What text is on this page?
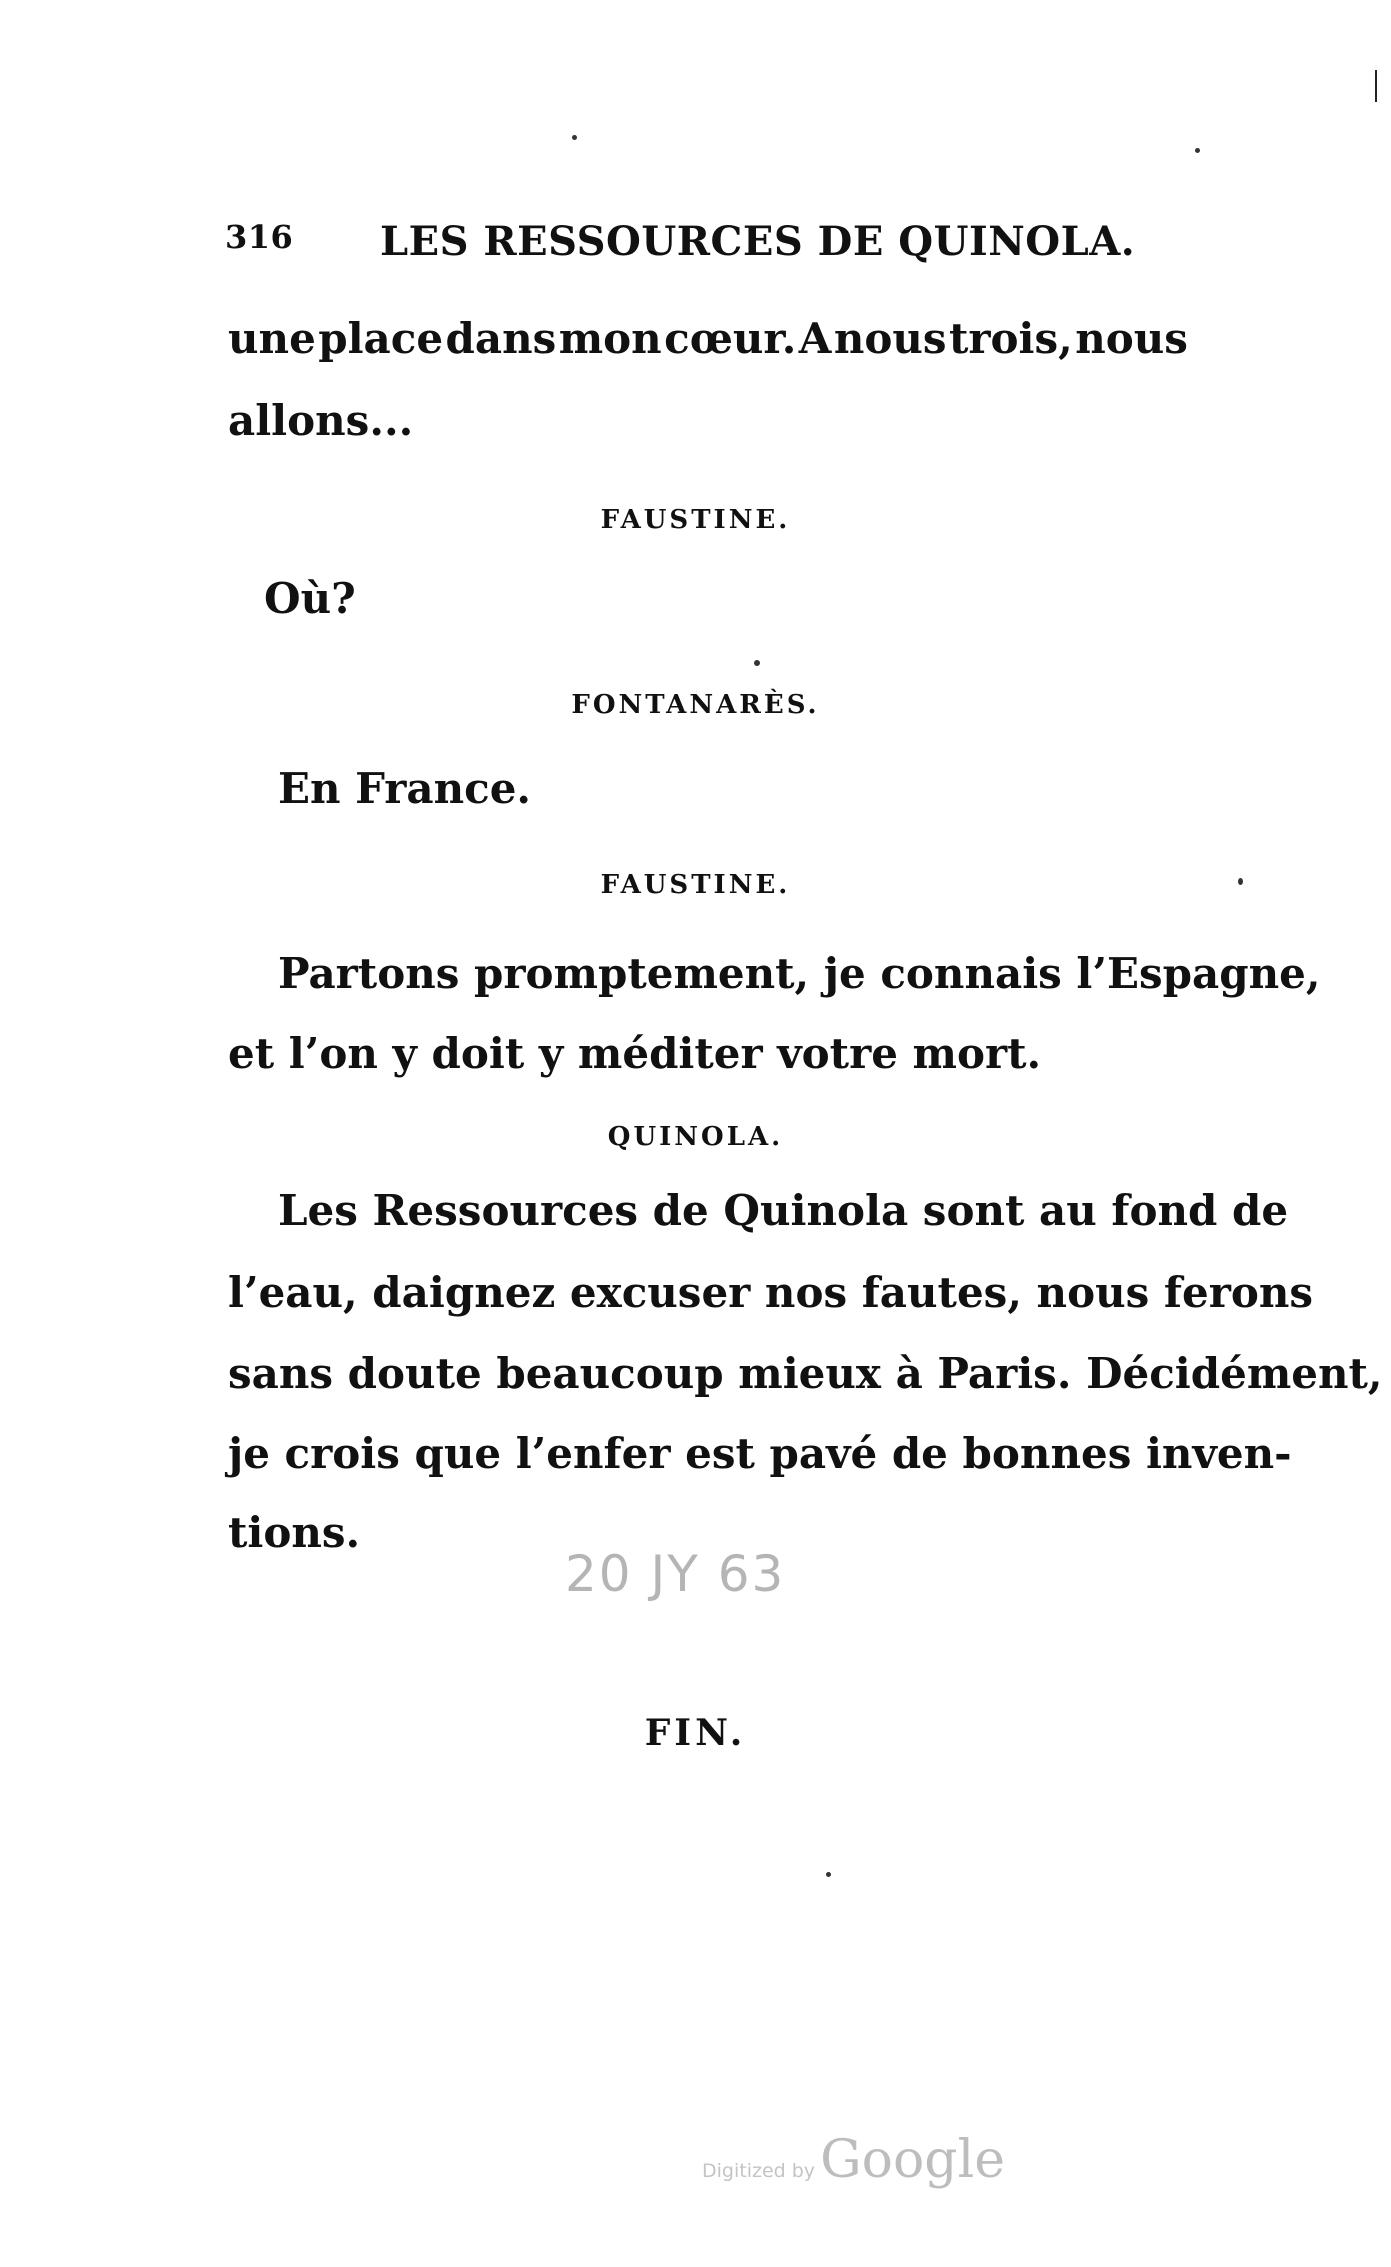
316 LES RESSOURCES DE QUINOLA.
une place dans mon cœur. A nous trois, nous
allons...
FAUSTINE.
Où?
FONTANARÈS.
En France.
FAUSTINE.
Partons promptement, je connais l’Espagne,
et l’on y doit y méditer votre mort.
QUINOLA.
Les Ressources de Quinola sont au fond de
l’eau, daignez excuser nos fautes, nous ferons
sans doute beaucoup mieux à Paris. Décidément,
je crois que l’enfer est pavé de bonnes inven-
tions.
20 JY 63
FIN.
Digitized by Google
